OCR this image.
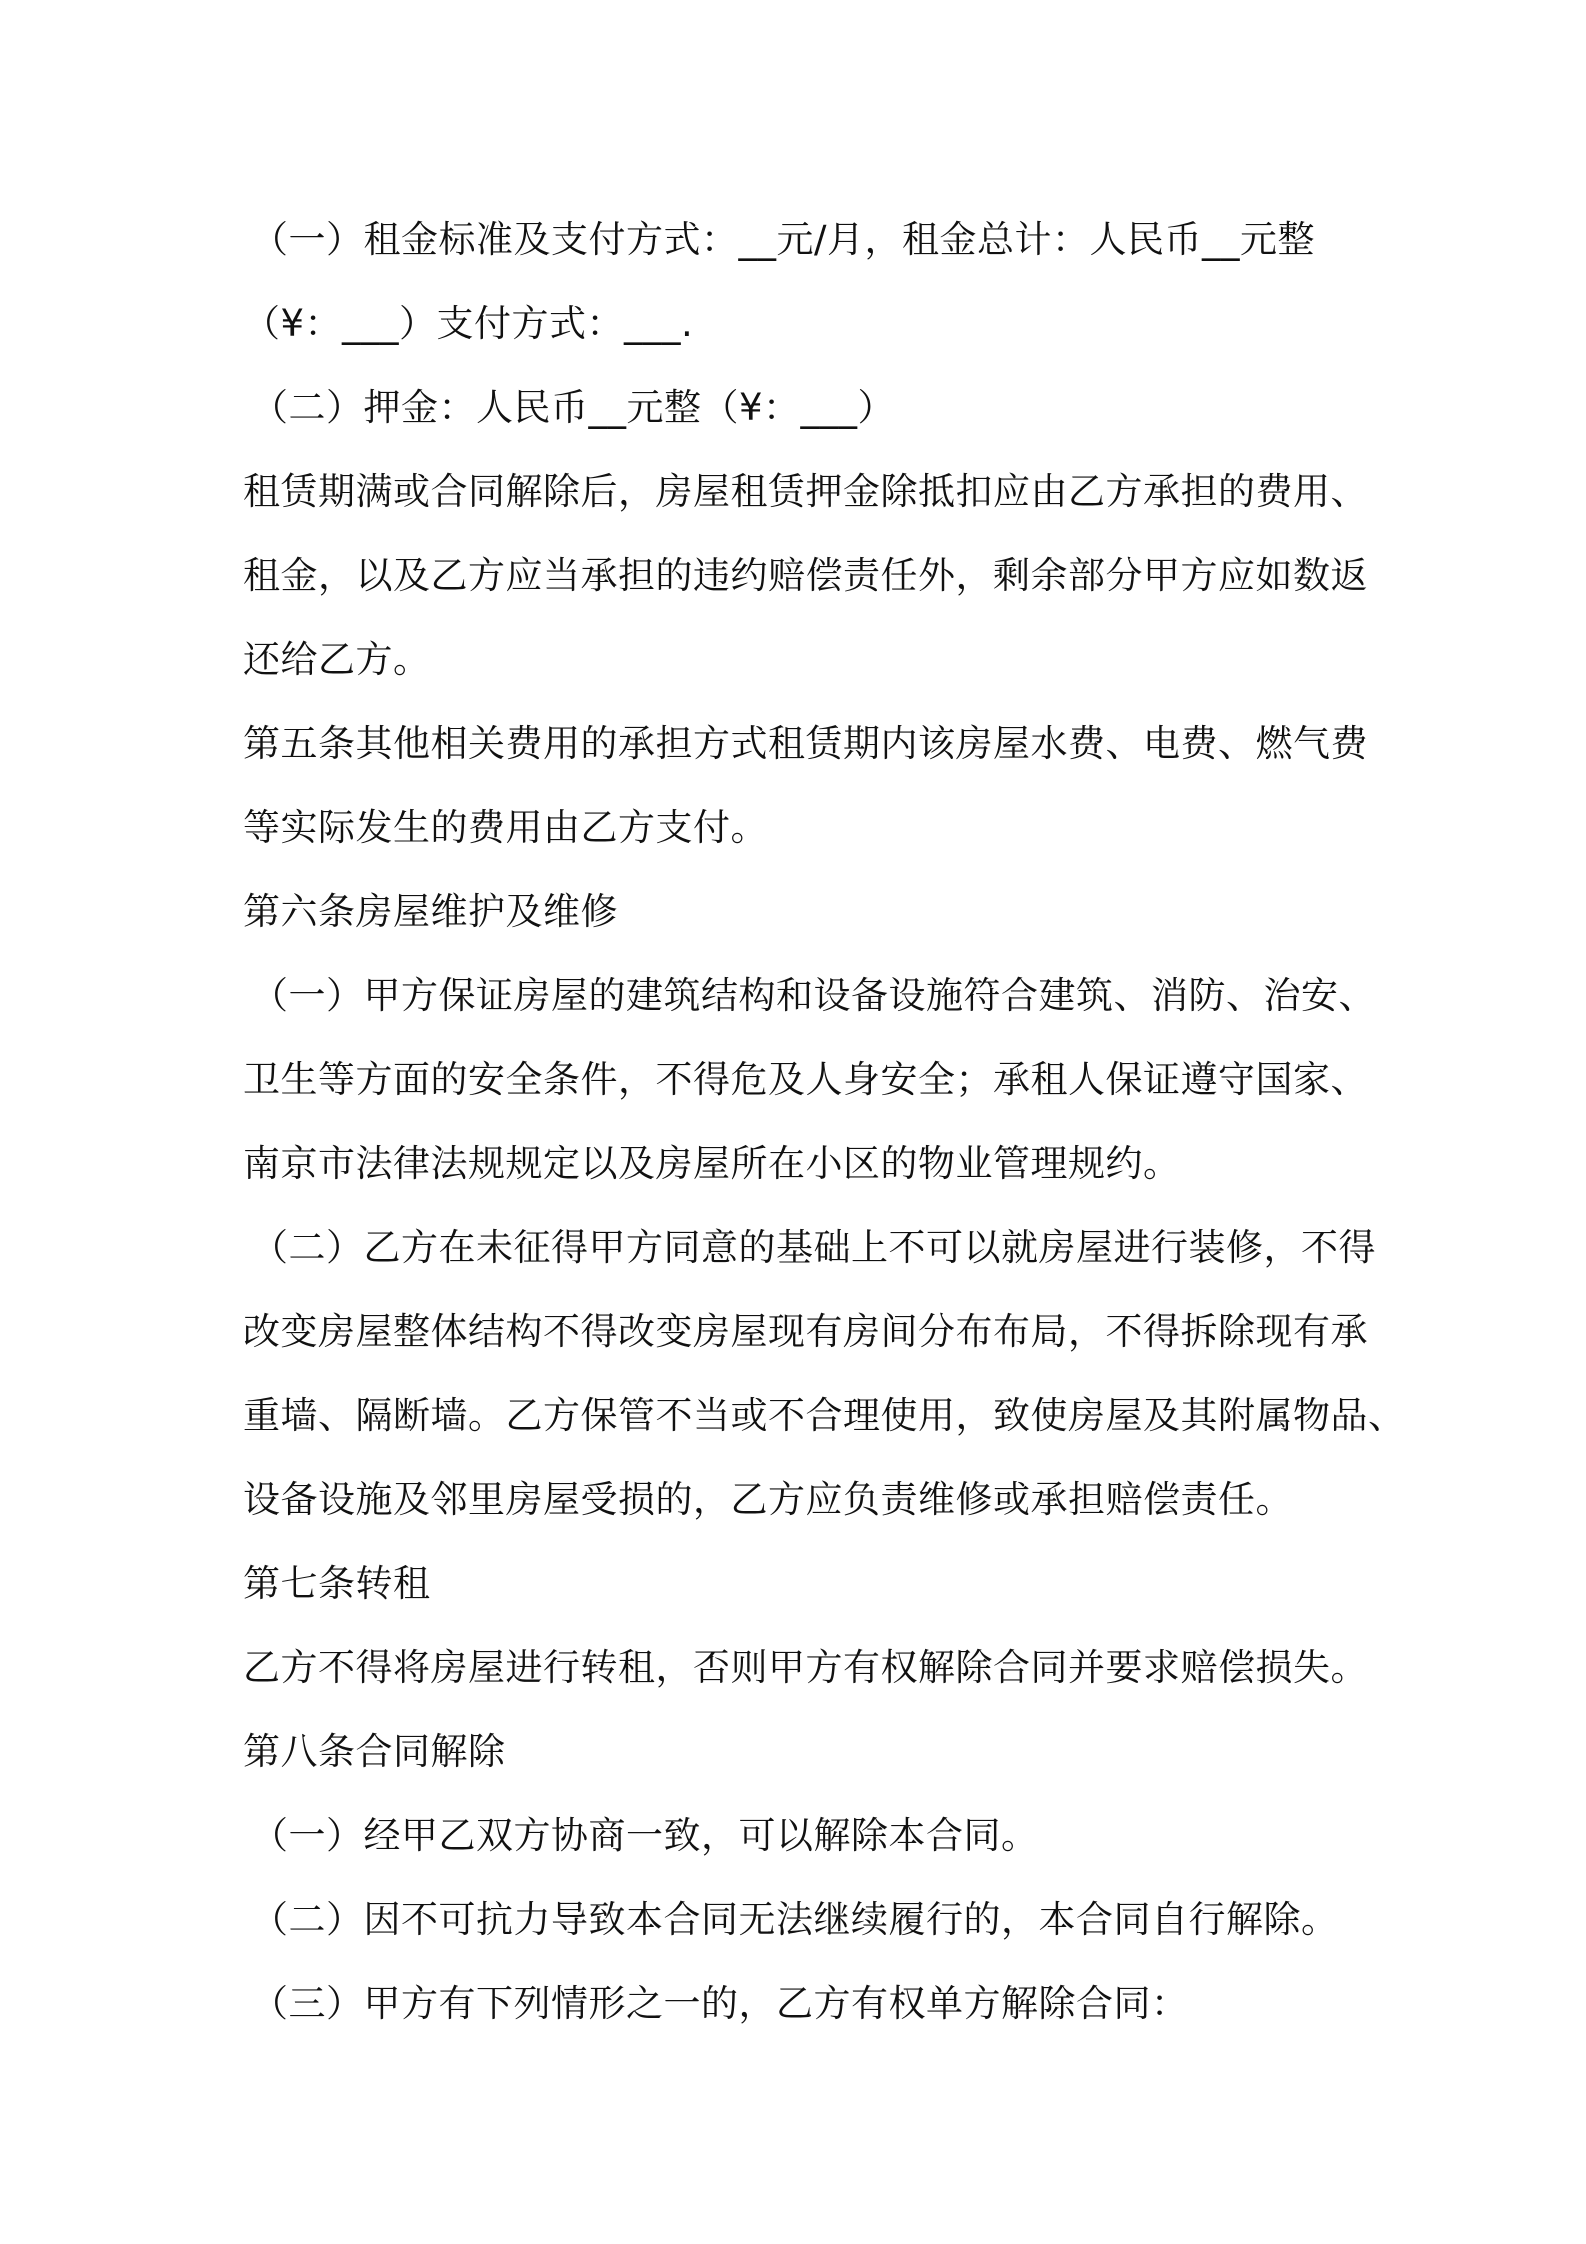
（一）租金标准及支付方式：__元/月，租金总计：人民币__元整
（¥：___）支付方式：___.
（二）押金：人民币__元整（¥：___）
租赁期满或合同解除后，房屋租赁押金除抵扣应由乙方承担的费用、
租金，以及乙方应当承担的违约赔偿责任外，剩余部分甲方应如数返
还给乙方。
第五条其他相关费用的承担方式租赁期内该房屋水费、电费、燃气费
等实际发生的费用由乙方支付。
第六条房屋维护及维修
（一）甲方保证房屋的建筑结构和设备设施符合建筑、消防、治安、
卫生等方面的安全条件，不得危及人身安全；承租人保证遵守国家、
南京市法律法规规定以及房屋所在小区的物业管理规约。
（二）乙方在未征得甲方同意的基础上不可以就房屋进行装修，不得
改变房屋整体结构不得改变房屋现有房间分布布局，不得拆除现有承
重墙、隔断墙。乙方保管不当或不合理使用，致使房屋及其附属物品、
设备设施及邻里房屋受损的，乙方应负责维修或承担赔偿责任。
第七条转租
乙方不得将房屋进行转租，否则甲方有权解除合同并要求赔偿损失。
第八条合同解除
（一）经甲乙双方协商一致，可以解除本合同。
（二）因不可抗力导致本合同无法继续履行的，本合同自行解除。
（三）甲方有下列情形之一的，乙方有权单方解除合同：
